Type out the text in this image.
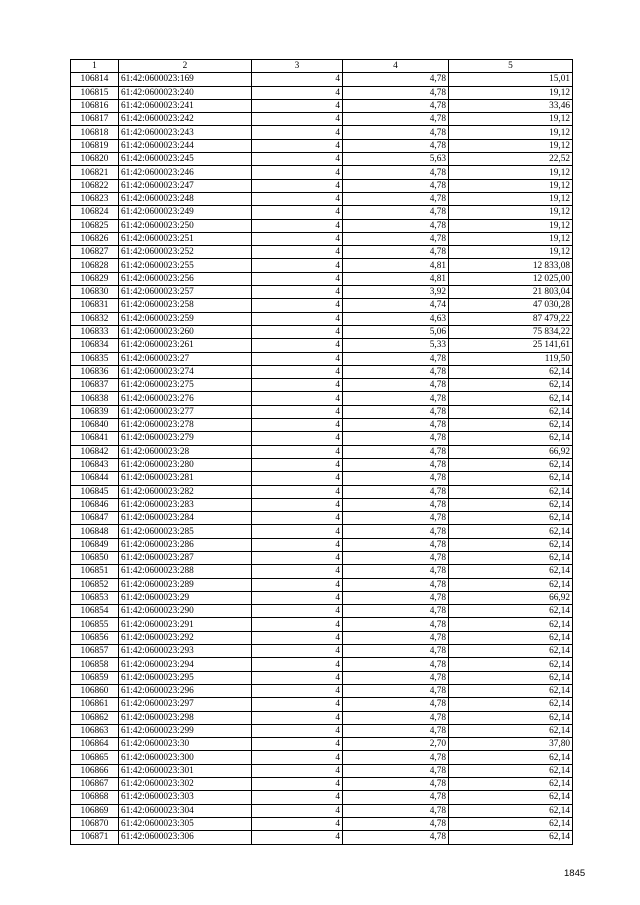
1	2	3	4	5
106814	61:42:0600023:169	4	4,78	15,01
106815	61:42:0600023:240	4	4,78	19,12
106816	61:42:0600023:241	4	4,78	33,46
106817	61:42:0600023:242	4	4,78	19,12
106818	61:42:0600023:243	4	4,78	19,12
106819	61:42:0600023:244	4	4,78	19,12
106820	61:42:0600023:245	4	5,63	22,52
106821	61:42:0600023:246	4	4,78	19,12
106822	61:42:0600023:247	4	4,78	19,12
106823	61:42:0600023:248	4	4,78	19,12
106824	61:42:0600023:249	4	4,78	19,12
106825	61:42:0600023:250	4	4,78	19,12
106826	61:42:0600023:251	4	4,78	19,12
106827	61:42:0600023:252	4	4,78	19,12
106828	61:42:0600023:255	4	4,81	12 833,08
106829	61:42:0600023:256	4	4,81	12 025,00
106830	61:42:0600023:257	4	3,92	21 803,04
106831	61:42:0600023:258	4	4,74	47 030,28
106832	61:42:0600023:259	4	4,63	87 479,22
106833	61:42:0600023:260	4	5,06	75 834,22
106834	61:42:0600023:261	4	5,33	25 141,61
106835	61:42:0600023:27	4	4,78	119,50
106836	61:42:0600023:274	4	4,78	62,14
106837	61:42:0600023:275	4	4,78	62,14
106838	61:42:0600023:276	4	4,78	62,14
106839	61:42:0600023:277	4	4,78	62,14
106840	61:42:0600023:278	4	4,78	62,14
106841	61:42:0600023:279	4	4,78	62,14
106842	61:42:0600023:28	4	4,78	66,92
106843	61:42:0600023:280	4	4,78	62,14
106844	61:42:0600023:281	4	4,78	62,14
106845	61:42:0600023:282	4	4,78	62,14
106846	61:42:0600023:283	4	4,78	62,14
106847	61:42:0600023:284	4	4,78	62,14
106848	61:42:0600023:285	4	4,78	62,14
106849	61:42:0600023:286	4	4,78	62,14
106850	61:42:0600023:287	4	4,78	62,14
106851	61:42:0600023:288	4	4,78	62,14
106852	61:42:0600023:289	4	4,78	62,14
106853	61:42:0600023:29	4	4,78	66,92
106854	61:42:0600023:290	4	4,78	62,14
106855	61:42:0600023:291	4	4,78	62,14
106856	61:42:0600023:292	4	4,78	62,14
106857	61:42:0600023:293	4	4,78	62,14
106858	61:42:0600023:294	4	4,78	62,14
106859	61:42:0600023:295	4	4,78	62,14
106860	61:42:0600023:296	4	4,78	62,14
106861	61:42:0600023:297	4	4,78	62,14
106862	61:42:0600023:298	4	4,78	62,14
106863	61:42:0600023:299	4	4,78	62,14
106864	61:42:0600023:30	4	2,70	37,80
106865	61:42:0600023:300	4	4,78	62,14
106866	61:42:0600023:301	4	4,78	62,14
106867	61:42:0600023:302	4	4,78	62,14
106868	61:42:0600023:303	4	4,78	62,14
106869	61:42:0600023:304	4	4,78	62,14
106870	61:42:0600023:305	4	4,78	62,14
106871	61:42:0600023:306	4	4,78	62,14
1845
